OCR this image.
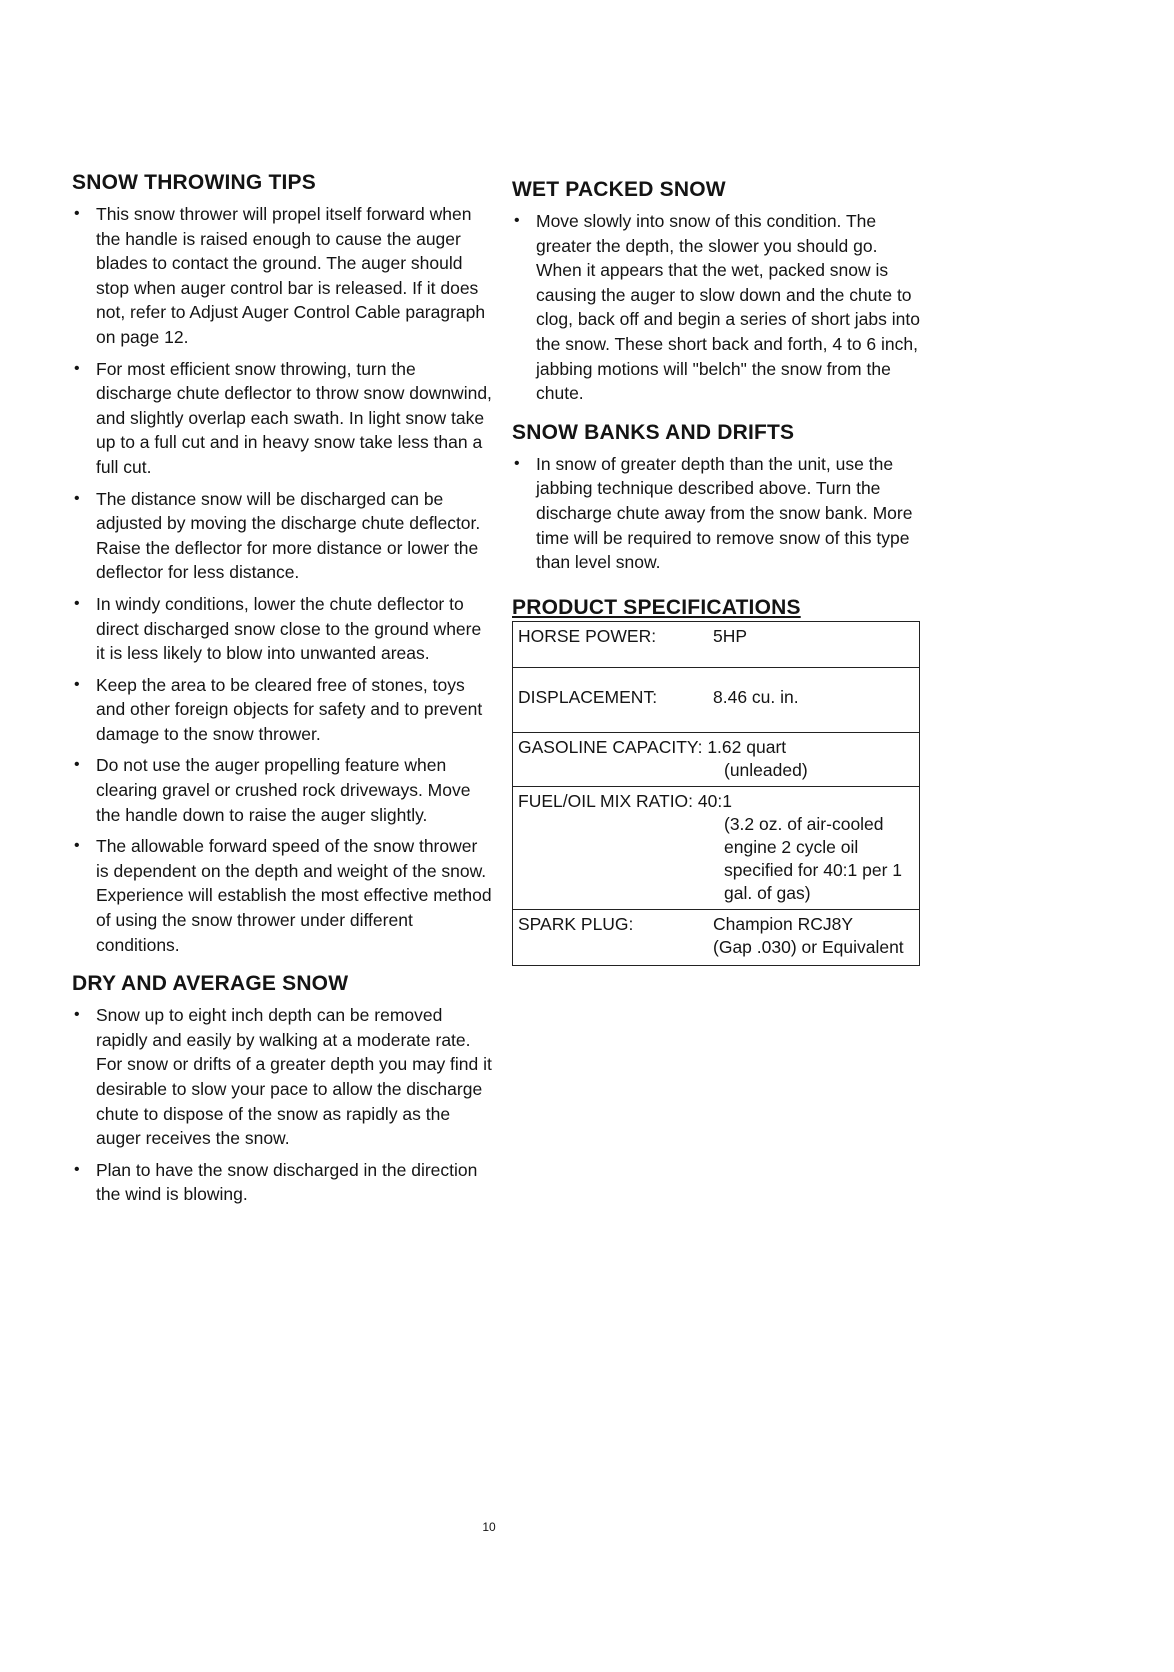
SNOW THROWING TIPS
• This snow thrower will propel itself forward when the handle is raised enough to cause the auger blades to contact the ground. The auger should stop when auger control bar is released. If it does not, refer to Adjust Auger Control Cable paragraph on page 12.
• For most efficient snow throwing, turn the discharge chute deflector to throw snow downwind, and slightly overlap each swath. In light snow take up to a full cut and in heavy snow take less than a full cut.
• The distance snow will be discharged can be adjusted by moving the discharge chute deflector. Raise the deflector for more distance or lower the deflector for less distance.
• In windy conditions, lower the chute deflector to direct discharged snow close to the ground where it is less likely to blow into unwanted areas.
• Keep the area to be cleared free of stones, toys and other foreign objects for safety and to prevent damage to the snow thrower.
• Do not use the auger propelling feature when clearing gravel or crushed rock driveways. Move the handle down to raise the auger slightly.
• The allowable forward speed of the snow thrower is dependent on the depth and weight of the snow. Experience will establish the most effective method of using the snow thrower under different conditions.
DRY AND AVERAGE SNOW
• Snow up to eight inch depth can be removed rapidly and easily by walking at a moderate rate. For snow or drifts of a greater depth you may find it desirable to slow your pace to allow the discharge chute to dispose of the snow as rapidly as the auger receives the snow.
• Plan to have the snow discharged in the direction the wind is blowing.
WET PACKED SNOW
• Move slowly into snow of this condition. The greater the depth, the slower you should go. When it appears that the wet, packed snow is causing the auger to slow down and the chute to clog, back off and begin a series of short jabs into the snow. These short back and forth, 4 to 6 inch, jabbing motions will "belch" the snow from the chute.
SNOW BANKS AND DRIFTS
• In snow of greater depth than the unit, use the jabbing technique described above. Turn the discharge chute away from the snow bank. More time will be required to remove snow of this type than level snow.
PRODUCT SPECIFICATIONS
HORSE POWER:	5HP
DISPLACEMENT:	8.46 cu. in.
GASOLINE CAPACITY: 1.62 quart
(unleaded)	

FUEL/OIL MIX RATIO: 40:1
(3.2 oz. of air-cooled engine 2 cycle oil specified for 40:1 per 1 gal. of gas)	

SPARK PLUG:	Champion RCJ8Y
(Gap .030) or Equivalent
10
